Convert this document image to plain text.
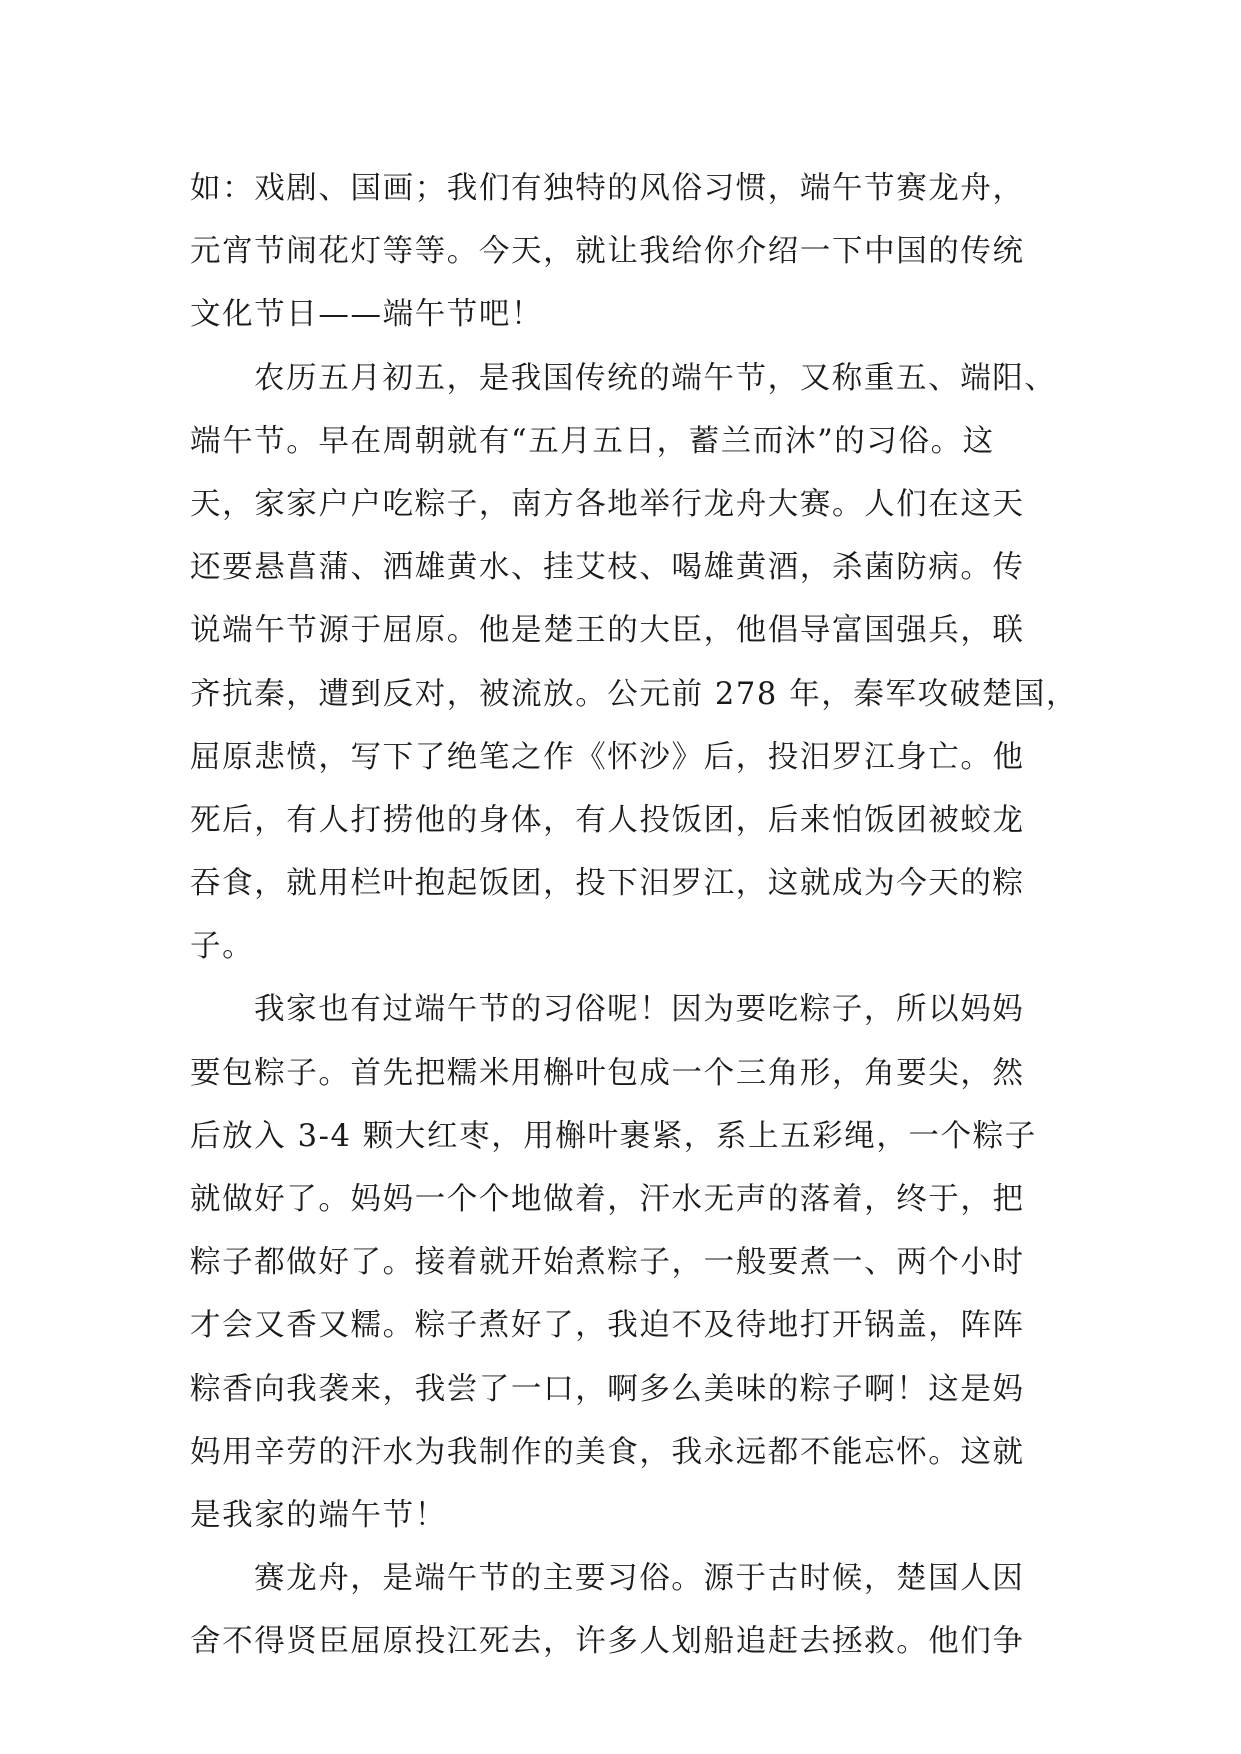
如：戏剧、国画；我们有独特的风俗习惯，端午节赛龙舟，
元宵节闹花灯等等。今天，就让我给你介绍一下中国的传统
文化节日——端午节吧！
农历五月初五，是我国传统的端午节，又称重五、端阳、
端午节。早在周朝就有“五月五日，蓄兰而沐”的习俗。这
天，家家户户吃粽子，南方各地举行龙舟大赛。人们在这天
还要悬菖蒲、洒雄黄水、挂艾枝、喝雄黄酒，杀菌防病。传
说端午节源于屈原。他是楚王的大臣，他倡导富国强兵，联
齐抗秦，遭到反对，被流放。公元前 278 年，秦军攻破楚国，
屈原悲愤，写下了绝笔之作《怀沙》后，投汨罗江身亡。他
死后，有人打捞他的身体，有人投饭团，后来怕饭团被蛟龙
吞食，就用栏叶抱起饭团，投下汨罗江，这就成为今天的粽
子。
我家也有过端午节的习俗呢！因为要吃粽子，所以妈妈
要包粽子。首先把糯米用槲叶包成一个三角形，角要尖，然
后放入 3-4 颗大红枣，用槲叶裹紧，系上五彩绳，一个粽子
就做好了。妈妈一个个地做着，汗水无声的落着，终于，把
粽子都做好了。接着就开始煮粽子，一般要煮一、两个小时
才会又香又糯。粽子煮好了，我迫不及待地打开锅盖，阵阵
粽香向我袭来，我尝了一口，啊多么美味的粽子啊！这是妈
妈用辛劳的汗水为我制作的美食，我永远都不能忘怀。这就
是我家的端午节！
赛龙舟，是端午节的主要习俗。源于古时候，楚国人因
舍不得贤臣屈原投江死去，许多人划船追赶去拯救。他们争
